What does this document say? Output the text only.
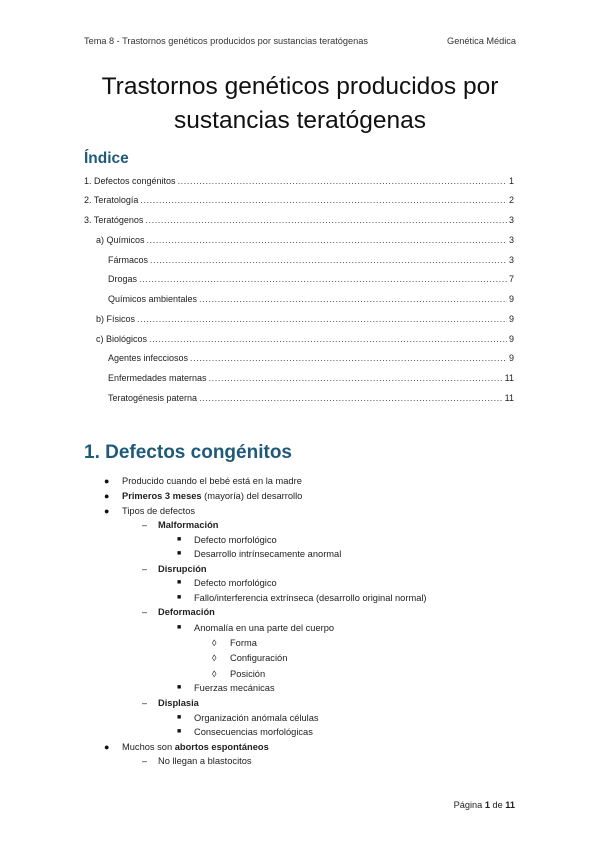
Tema 8 - Trastornos genéticos producidos por sustancias teratógenas	Genética Médica
Trastornos genéticos producidos por
sustancias teratógenas
Índice
1. Defectos congénitos .....	1
2. Teratología .....	2
3. Teratógenos .....	3
a) Químicos .....	3
Fármacos .....	3
Drogas .....	7
Químicos ambientales .....	9
b) Físicos .....	9
c) Biológicos .....	9
Agentes infecciosos .....	9
Enfermedades maternas .....	11
Teratogénesis paterna .....	11
1. Defectos congénitos
● Producido cuando el bebé está en la madre
● Primeros 3 meses (mayoría) del desarrollo
● Tipos de defectos
– Malformación
■ Defecto morfológico
■ Desarrollo intrínsecamente anormal
– Disrupción
■ Defecto morfológico
■ Fallo/interferencia extrínseca (desarrollo original normal)
– Deformación
■ Anomalía en una parte del cuerpo
◊ Forma
◊ Configuración
◊ Posición
■ Fuerzas mecánicas
– Displasia
■ Organización anómala células
■ Consecuencias morfológicas
● Muchos son abortos espontáneos
– No llegan a blastocitos
Página 1 de 11
